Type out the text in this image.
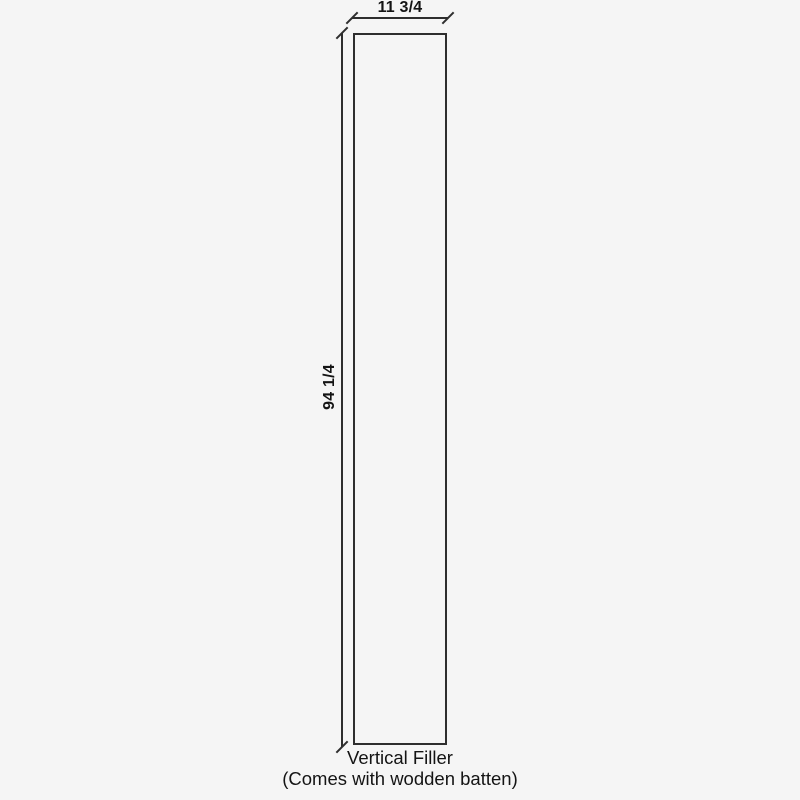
11 3/4
94 1/4
Vertical Filler
(Comes with wodden batten)
